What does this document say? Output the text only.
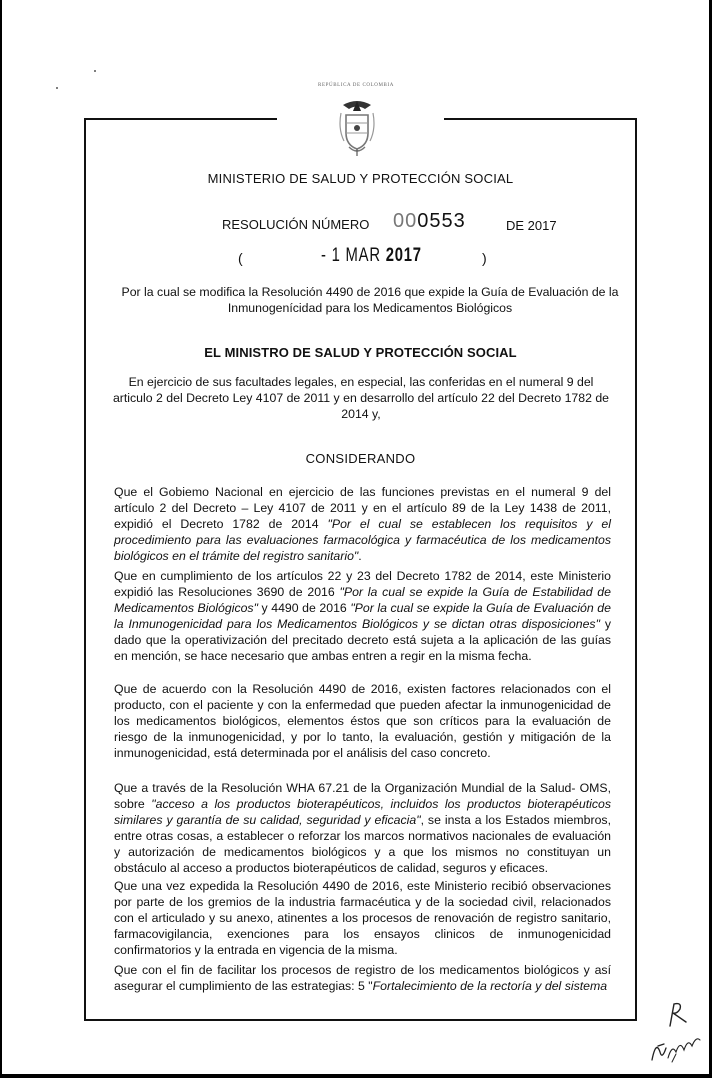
REPÚBLICA DE COLOMBIA
MINISTERIO DE SALUD Y PROTECCIÓN SOCIAL
RESOLUCIÓN NÚMERO 000553	DE 2017
(	- 1 MAR 2017	)
Por la cual se modifica la Resolución 4490 de 2016 que expide la Guía de Evaluación de la Inmunogenícidad para los Medicamentos Biológicos
EL MINISTRO DE SALUD Y PROTECCIÓN SOCIAL
En ejercicio de sus facultades legales, en especial, las conferidas en el numeral 9 del articulo 2 del Decreto Ley 4107 de 2011 y en desarrollo del artículo 22 del Decreto 1782 de 2014 y,
CONSIDERANDO
Que el Gobiemo Nacional en ejercicio de las funciones previstas en el numeral 9 del artículo 2 del Decreto – Ley 4107 de 2011 y en el artículo 89 de la Ley 1438 de 2011, expidió el Decreto 1782 de 2014 "Por el cual se establecen los requisitos y el procedimiento para las evaluaciones farmacológica y farmacéutica de los medicamentos biológicos en el trámite del registro sanitario".
Que en cumplimiento de los artículos 22 y 23 del Decreto 1782 de 2014, este Ministerio expidió las Resoluciones 3690 de 2016 "Por la cual se expide la Guía de Estabilidad de Medicamentos Biológicos" y 4490 de 2016 "Por la cual se expide la Guía de Evaluación de la Inmunogenicidad para los Medicamentos Biológicos y se dictan otras disposiciones" y dado que la operativización del precitado decreto está sujeta a la aplicación de las guías en mención, se hace necesario que ambas entren a regir en la misma fecha.
Que de acuerdo con la Resolución 4490 de 2016, existen factores relacionados con el producto, con el paciente y con la enfermedad que pueden afectar la inmunogenicidad de los medicamentos biológicos, elementos éstos que son críticos para la evaluación de riesgo de la inmunogenicidad, y por lo tanto, la evaluación, gestión y mitigación de la inmunogenicidad, está determinada por el análisis del caso concreto.
Que a través de la Resolución WHA 67.21 de la Organización Mundial de la Salud- OMS, sobre "acceso a los productos bioterapéuticos, incluidos los productos bioterapéuticos similares y garantía de su calidad, seguridad y eficacia", se insta a los Estados miembros, entre otras cosas, a establecer o reforzar los marcos normativos nacionales de evaluación y autorización de medicamentos biológicos y a que los mismos no constituyan un obstáculo al acceso a productos bioterapéuticos de calidad, seguros y eficaces.
Que una vez expedida la Resolución 4490 de 2016, este Ministerio recibió observaciones por parte de los gremios de la industria farmacéutica y de la sociedad civil, relacionados con el articulado y su anexo, atinentes a los procesos de renovación de registro sanitario, farmacovigilancia, exenciones para los ensayos clinicos de inmunogenicidad confirmatorios y la entrada en vigencia de la misma.
Que con el fin de facilitar los procesos de registro de los medicamentos biológicos y así asegurar el cumplimiento de las estrategias: 5 "Fortalecimiento de la rectoría y del sistema
